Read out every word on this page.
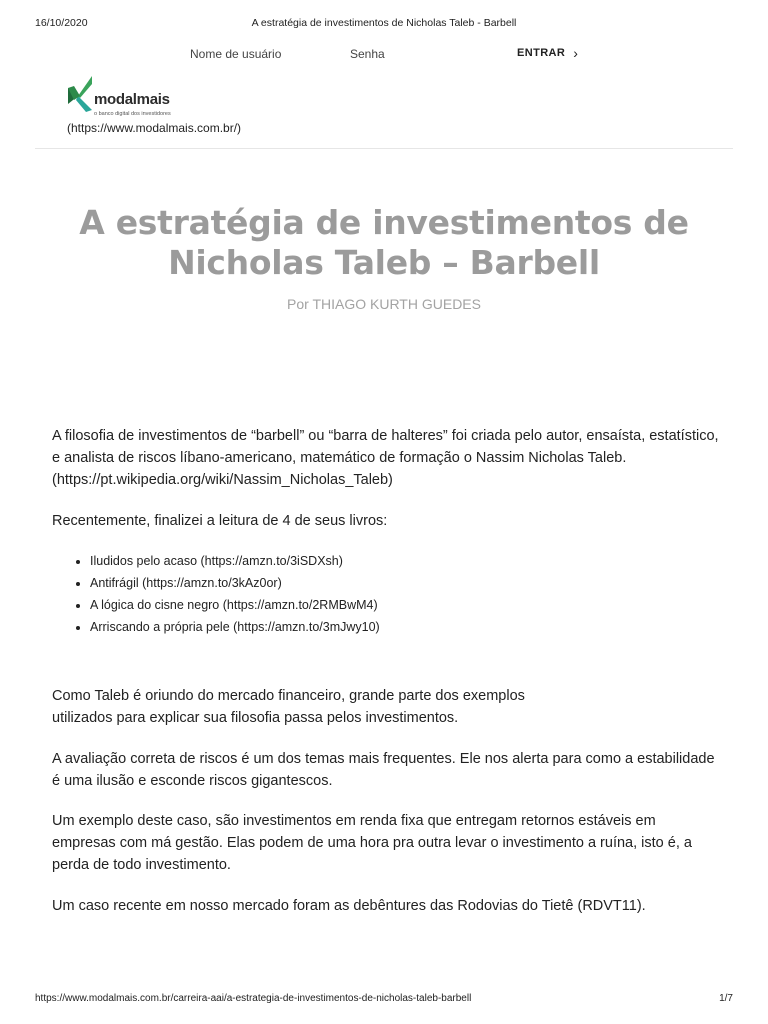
16/10/2020	A estratégia de investimentos de Nicholas Taleb - Barbell
Nome de usuário	Senha	ENTRAR ›
modalmais
o banco digital dos investidores
(https://www.modalmais.com.br/)
A estratégia de investimentos de Nicholas Taleb – Barbell
Por THIAGO KURTH GUEDES

A filosofia de investimentos de “barbell” ou “barra de halteres” foi criada pelo autor, ensaísta, estatístico, e analista de riscos líbano-americano, matemático de formação o Nassim Nicholas Taleb. (https://pt.wikipedia.org/wiki/Nassim_Nicholas_Taleb)

Recentemente, finalizei a leitura de 4 de seus livros:

• Iludidos pelo acaso (https://amzn.to/3iSDXsh)
• Antifrágil (https://amzn.to/3kAz0or)
• A lógica do cisne negro (https://amzn.to/2RMBwM4)
• Arriscando a própria pele (https://amzn.to/3mJwy10)

Como Taleb é oriundo do mercado financeiro, grande parte dos exemplos utilizados para explicar sua filosofia passa pelos investimentos.

A avaliação correta de riscos é um dos temas mais frequentes. Ele nos alerta para como a estabilidade é uma ilusão e esconde riscos gigantescos.

Um exemplo deste caso, são investimentos em renda fixa que entregam retornos estáveis em empresas com má gestão. Elas podem de uma hora pra outra levar o investimento a ruína, isto é, a perda de todo investimento.

Um caso recente em nosso mercado foram as debêntures das Rodovias do Tietê (RDVT11).

https://www.modalmais.com.br/carreira-aai/a-estrategia-de-investimentos-de-nicholas-taleb-barbell	1/7
